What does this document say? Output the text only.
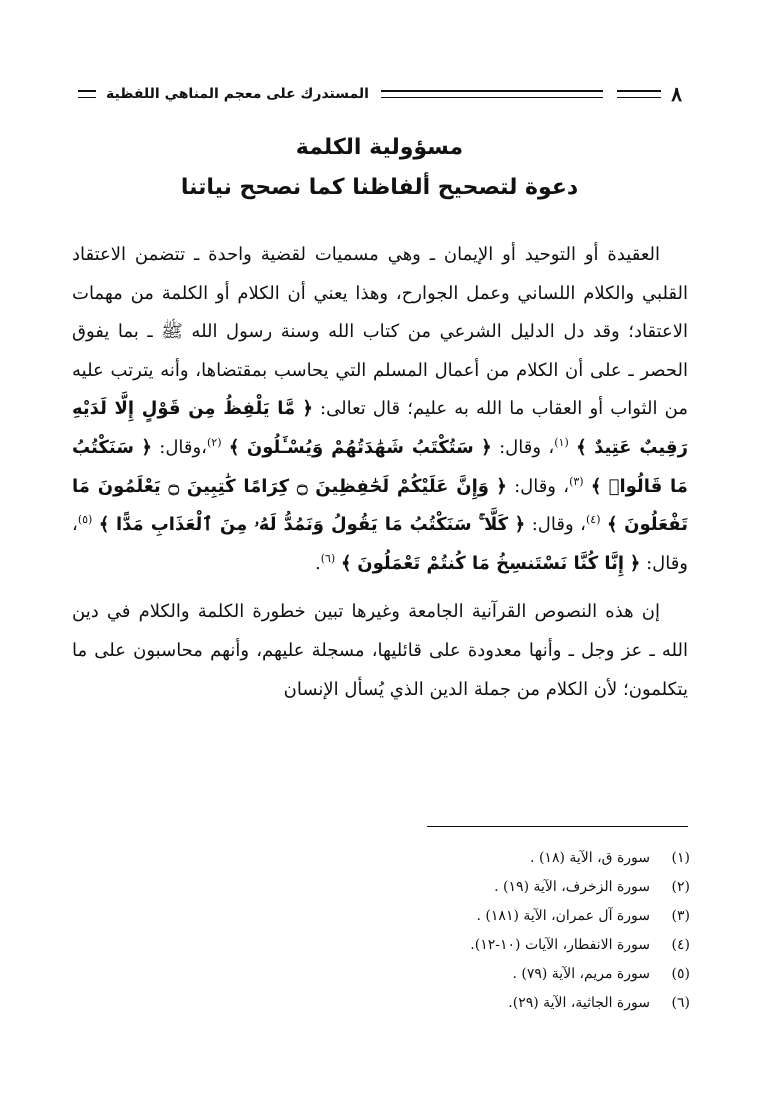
٨
المستدرك على معجم المناهي اللفظية
مسؤولية الكلمة
دعوة لتصحيح ألفاظنا كما نصحح نياتنا

العقيدة أو التوحيد أو الإيمان ـ وهي مسميات لقضية واحدة ـ تتضمن الاعتقاد القلبي والكلام اللساني وعمل الجوارح، وهذا يعني أن الكلام أو الكلمة من مهمات الاعتقاد؛ وقد دل الدليل الشرعي من كتاب الله وسنة رسول الله ﷺ ـ بما يفوق الحصر ـ على أن الكلام من أعمال المسلم التي يحاسب بمقتضاها، وأنه يترتب عليه من الثواب أو العقاب ما الله به عليم؛ قال تعالى: ﴿ مَّا يَلْفِظُ مِن قَوْلٍ إِلَّا لَدَيْهِ رَقِيبٌ عَتِيدٌ ﴾ $^{(١)}$، وقال: ﴿ سَتُكْتَبُ شَهَٰدَتُهُمْ وَيُسْـَٔلُونَ ﴾ $^{(٢)}$،وقال: ﴿ سَنَكْتُبُ مَا قَالُوا۟ ﴾ $^{(٣)}$، وقال: ﴿ وَإِنَّ عَلَيْكُمْ لَحَٰفِظِينَ ۝ كِرَامًا كَٰتِبِينَ ۝ يَعْلَمُونَ مَا تَفْعَلُونَ ﴾ $^{(٤)}$، وقال: ﴿ كَلَّا ۚ سَنَكْتُبُ مَا يَقُولُ وَنَمُدُّ لَهُۥ مِنَ ٱلْعَذَابِ مَدًّا ﴾ $^{(٥)}$، وقال: ﴿ إِنَّا كُنَّا نَسْتَنسِخُ مَا كُنتُمْ تَعْمَلُونَ ﴾ $^{(٦)}$.

إن هذه النصوص القرآنية الجامعة وغيرها تبين خطورة الكلمة والكلام في دين الله ـ عز وجل ـ وأنها معدودة على قائليها، مسجلة عليهم، وأنهم محاسبون على ما يتكلمون؛ لأن الكلام من جملة الدين الذي يُسأل الإنسان

(١)
سورة ق، الآية (١٨) .
(٢)
سورة الزخرف، الآية (١٩) .
(٣)
سورة آل عمران، الآية (١٨١) .
(٤)
سورة الانفطار، الآيات (١٠-١٢).
(٥)
سورة مريم، الآية (٧٩) .
(٦)
سورة الجاثية، الآية (٢٩).
